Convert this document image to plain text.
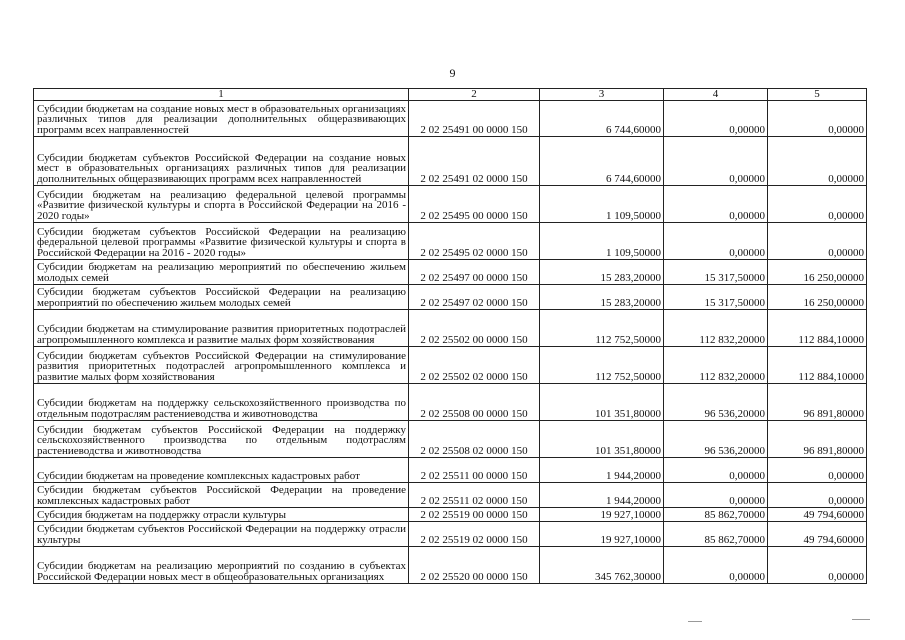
9
1	2	3	4	5
Субсидии бюджетам на создание новых мест в образовательных организациях различных типов для реализации дополнительных общеразвивающих программ всех направленностей	2 02 25491 00 0000 150	6 744,60000	0,00000	0,00000
Субсидии бюджетам субъектов Российской Федерации на создание новых мест в образовательных организациях различных типов для реализации дополнительных общеразвивающих программ всех направленностей	2 02 25491 02 0000 150	6 744,60000	0,00000	0,00000
Субсидии бюджетам на реализацию федеральной целевой программы «Развитие физической культуры и спорта в Российской Федерации на 2016 - 2020 годы»	2 02 25495 00 0000 150	1 109,50000	0,00000	0,00000
Субсидии бюджетам субъектов Российской Федерации на реализацию федеральной целевой программы «Развитие физической культуры и спорта в Российской Федерации на 2016 - 2020 годы»	2 02 25495 02 0000 150	1 109,50000	0,00000	0,00000
Субсидии бюджетам на реализацию мероприятий по обеспечению жильем молодых семей	2 02 25497 00 0000 150	15 283,20000	15 317,50000	16 250,00000
Субсидии бюджетам субъектов Российской Федерации на реализацию мероприятий по обеспечению жильем молодых семей	2 02 25497 02 0000 150	15 283,20000	15 317,50000	16 250,00000
Субсидии бюджетам на стимулирование развития приоритетных подотраслей агропромышленного комплекса и развитие малых форм хозяйствования	2 02 25502 00 0000 150	112 752,50000	112 832,20000	112 884,10000
Субсидии бюджетам субъектов Российской Федерации на стимулирование развития приоритетных подотраслей агропромышленного комплекса и развитие малых форм хозяйствования	2 02 25502 02 0000 150	112 752,50000	112 832,20000	112 884,10000
Субсидии бюджетам на поддержку сельскохозяйственного производства по отдельным подотраслям растениеводства и животноводства	2 02 25508 00 0000 150	101 351,80000	96 536,20000	96 891,80000
Субсидии бюджетам субъектов Российской Федерации на поддержку сельскохозяйственного производства по отдельным подотраслям растениеводства и животноводства	2 02 25508 02 0000 150	101 351,80000	96 536,20000	96 891,80000
Субсидии бюджетам на проведение комплексных кадастровых работ	2 02 25511 00 0000 150	1 944,20000	0,00000	0,00000
Субсидии бюджетам субъектов Российской Федерации на проведение комплексных кадастровых работ	2 02 25511 02 0000 150	1 944,20000	0,00000	0,00000
Субсидия бюджетам на поддержку отрасли культуры	2 02 25519 00 0000 150	19 927,10000	85 862,70000	49 794,60000
Субсидии бюджетам субъектов Российской Федерации на поддержку отрасли культуры	2 02 25519 02 0000 150	19 927,10000	85 862,70000	49 794,60000
Субсидии бюджетам на реализацию мероприятий по созданию в субъектах Российской Федерации новых мест в общеобразовательных организациях	2 02 25520 00 0000 150	345 762,30000	0,00000	0,00000
